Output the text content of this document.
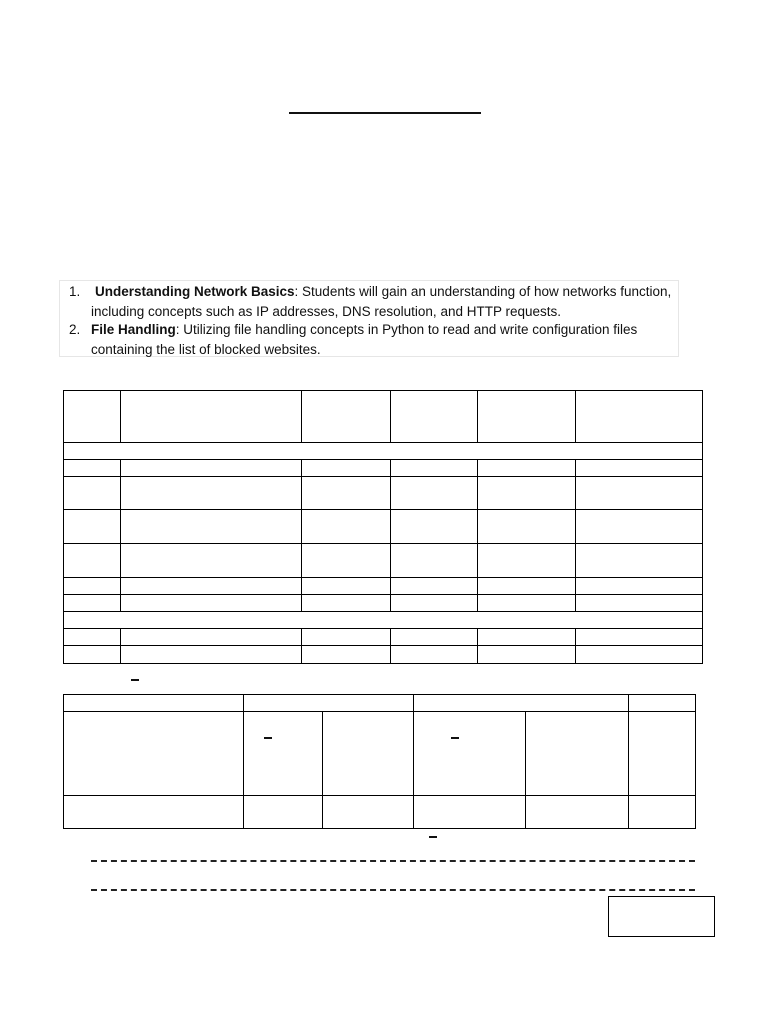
1. Understanding Network Basics: Students will gain an understanding of how networks function, including concepts such as IP addresses, DNS resolution, and HTTP requests.
2. File Handling: Utilizing file handling concepts in Python to read and write configuration files containing the list of blocked websites.
